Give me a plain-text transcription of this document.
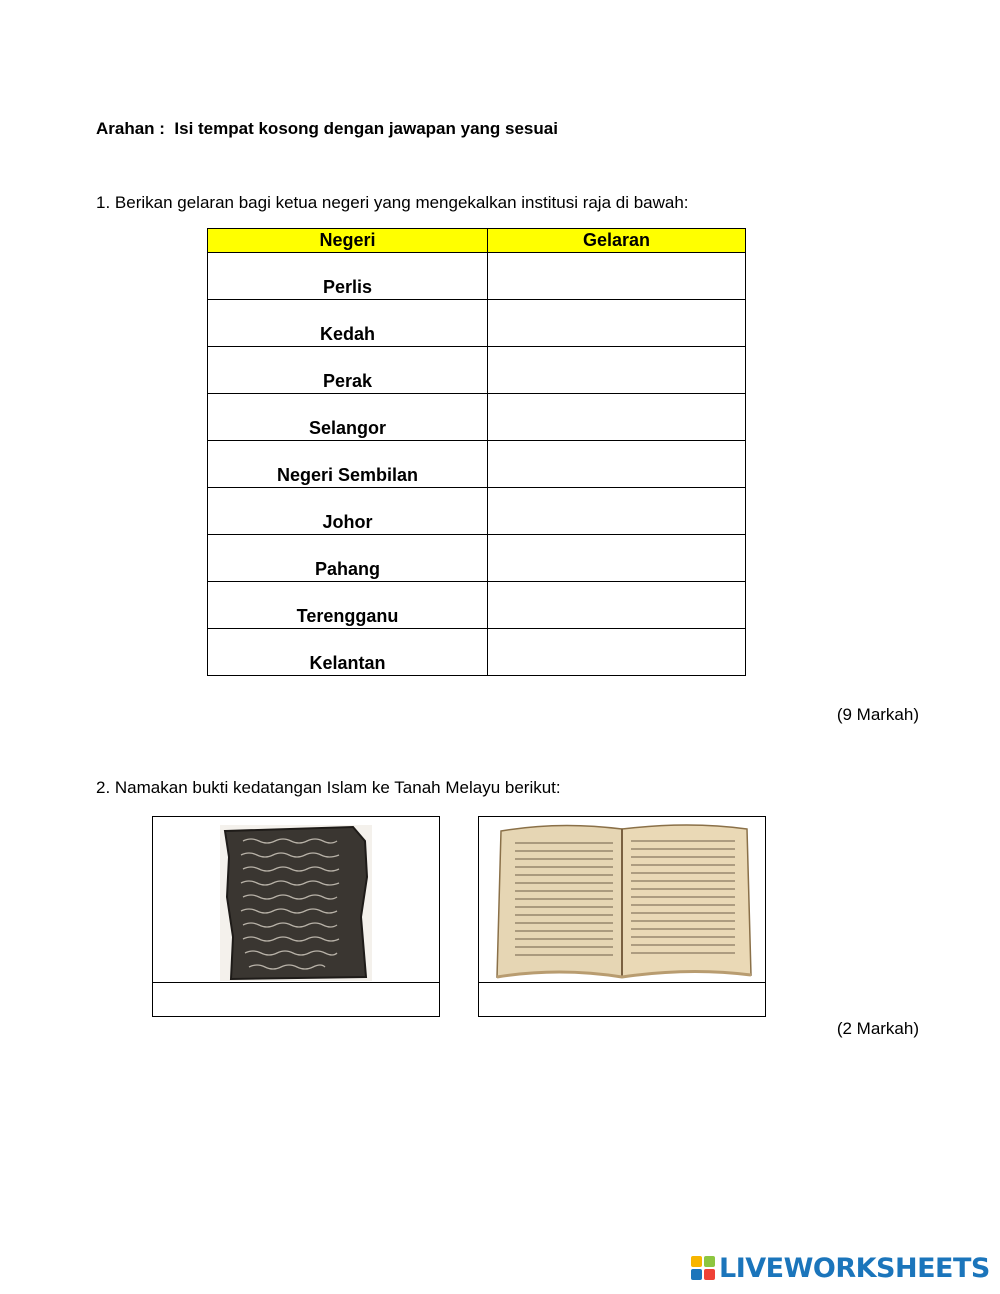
Arahan :  Isi tempat kosong dengan jawapan yang sesuai
1. Berikan gelaran bagi ketua negeri yang mengekalkan institusi raja di bawah:
Negeri	Gelaran
Perlis	
Kedah	
Perak	
Selangor	
Negeri Sembilan	
Johor	
Pahang	
Terengganu	
Kelantan	
(9 Markah)
2. Namakan bukti kedatangan Islam ke Tanah Melayu berikut:
(2 Markah)
LIVEWORKSHEETS
